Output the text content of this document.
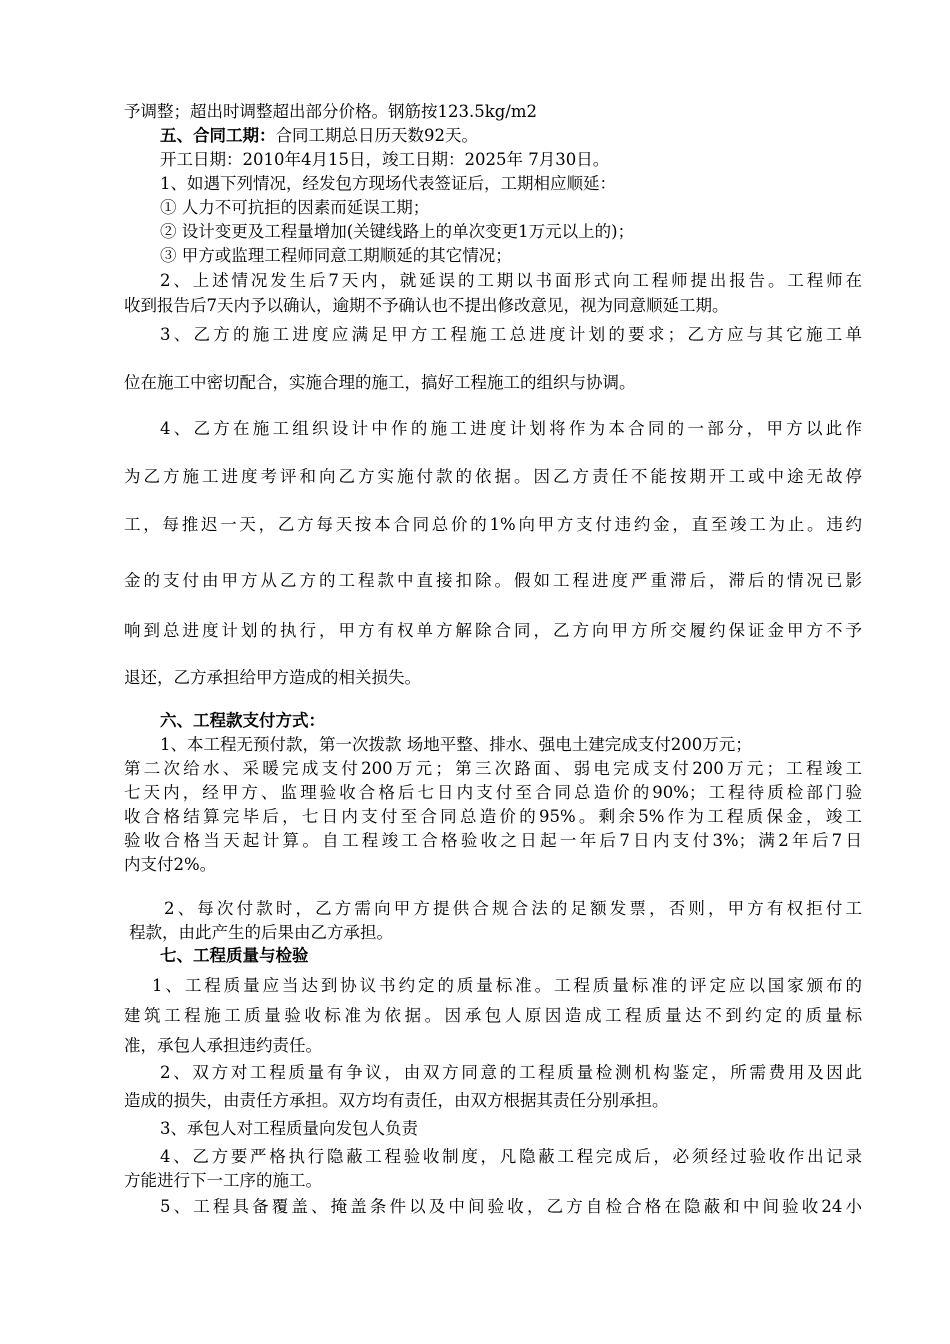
予调整；超出时调整超出部分价格。钢筋按123.5kg/m2
五、合同工期：合同工期总日历天数92天。
开工日期：2010年4月15日，竣工日期：2025年 7月30日。
1、如遇下列情况，经发包方现场代表签证后，工期相应顺延：
① 人力不可抗拒的因素而延误工期；
② 设计变更及工程量增加(关键线路上的单次变更1万元以上的)；
③ 甲方或监理工程师同意工期顺延的其它情况；
2、上述情况发生后7天内，就延误的工期以书面形式向工程师提出报告。工程师在
收到报告后7天内予以确认，逾期不予确认也不提出修改意见，视为同意顺延工期。
3、乙方的施工进度应满足甲方工程施工总进度计划的要求；乙方应与其它施工单
位在施工中密切配合，实施合理的施工，搞好工程施工的组织与协调。
4、乙方在施工组织设计中作的施工进度计划将作为本合同的一部分，甲方以此作
为乙方施工进度考评和向乙方实施付款的依据。因乙方责任不能按期开工或中途无故停
工，每推迟一天，乙方每天按本合同总价的1%向甲方支付违约金，直至竣工为止。违约
金的支付由甲方从乙方的工程款中直接扣除。假如工程进度严重滞后，滞后的情况已影
响到总进度计划的执行，甲方有权单方解除合同，乙方向甲方所交履约保证金甲方不予
退还，乙方承担给甲方造成的相关损失。
六、工程款支付方式：
1、本工程无预付款，第一次拨款 场地平整、排水、强电土建完成支付200万元；
第二次给水、采暖完成支付200万元；第三次路面、弱电完成支付200万元；工程竣工
七天内，经甲方、监理验收合格后七日内支付至合同总造价的90%；工程待质检部门验
收合格结算完毕后，七日内支付至合同总造价的95%。剩余5%作为工程质保金，竣工
验收合格当天起计算。自工程竣工合格验收之日起一年后7日内支付3%；满2年后7日
内支付2%。
2、每次付款时，乙方需向甲方提供合规合法的足额发票，否则，甲方有权拒付工
程款，由此产生的后果由乙方承担。
七、工程质量与检验
1、工程质量应当达到协议书约定的质量标准。工程质量标准的评定应以国家颁布的
建筑工程施工质量验收标准为依据。因承包人原因造成工程质量达不到约定的质量标
准，承包人承担违约责任。
2、双方对工程质量有争议，由双方同意的工程质量检测机构鉴定，所需费用及因此
造成的损失，由责任方承担。双方均有责任，由双方根据其责任分别承担。
3、承包人对工程质量向发包人负责
4、乙方要严格执行隐蔽工程验收制度，凡隐蔽工程完成后，必须经过验收作出记录
方能进行下一工序的施工。
5、工程具备覆盖、掩盖条件以及中间验收，乙方自检合格在隐蔽和中间验收24小
